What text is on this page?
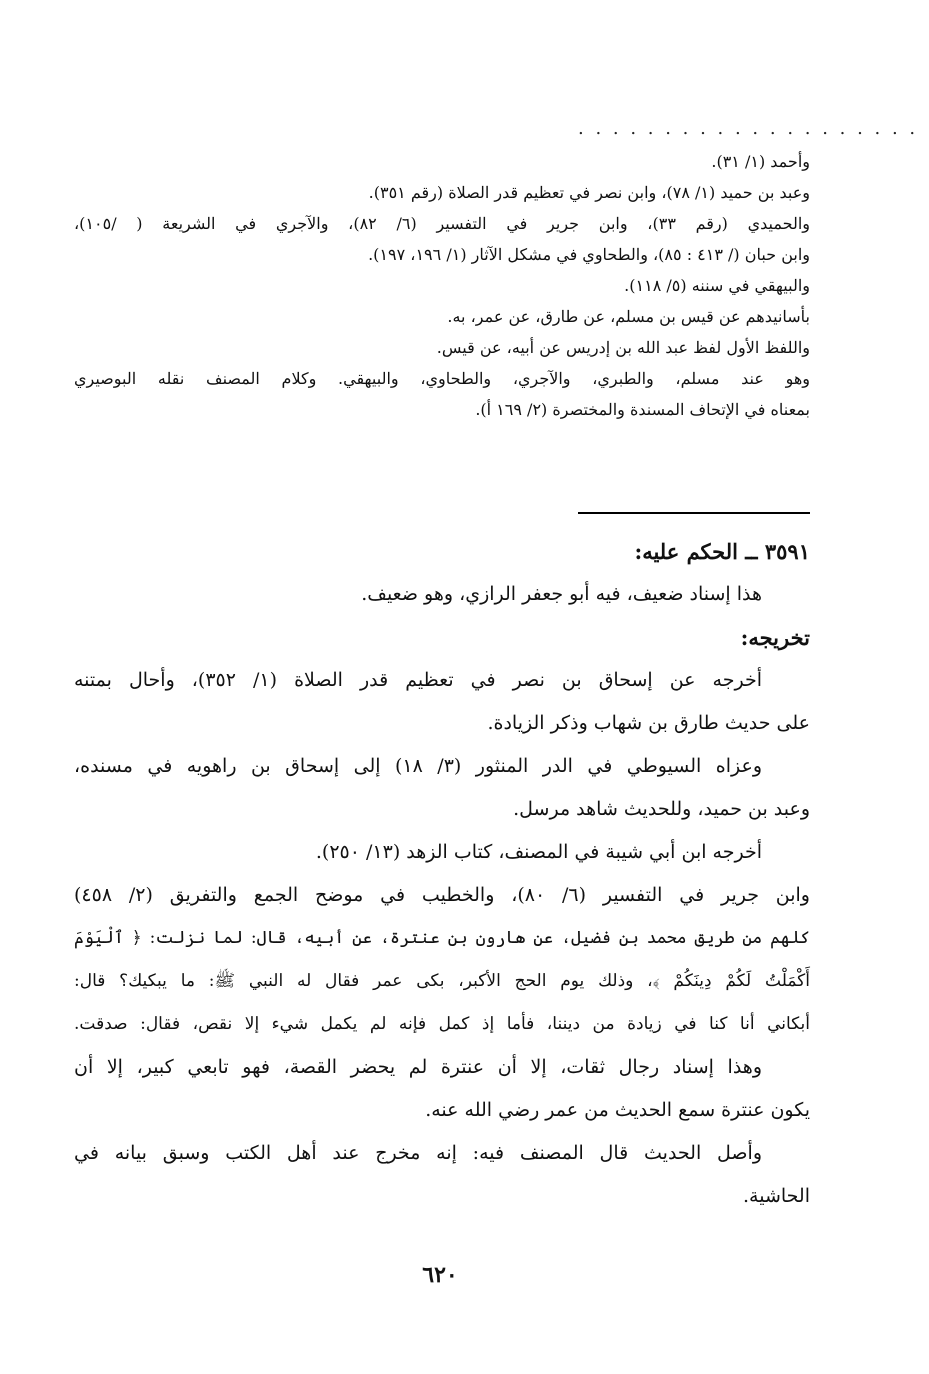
. . . . . . . . . . . . . . . . . . . .
وأحمد (١/ ٣١).
وعبد بن حميد (١/ ٧٨)، وابن نصر في تعظيم قدر الصلاة (رقم ٣٥١).
والحميدي (رقم ٣٣)، وابن جرير في التفسير (٦/ ٨٢)، والآجري في الشريعة ( /١٠٥)،
وابن حبان (/ ٤١٣ : ٨٥)، والطحاوي في مشكل الآثار (١/ ١٩٦، ١٩٧).
والبيهقي في سننه (٥/ ١١٨).
بأسانيدهم عن قيس بن مسلم، عن طارق، عن عمر، به.
واللفظ الأول لفظ عبد الله بن إدريس عن أبيه، عن قيس.
وهو عند مسلم، والطبري، والآجري، والطحاوي، والبيهقي. وكلام المصنف نقله البوصيري
بمعناه في الإتحاف المسندة والمختصرة (٢/ ١٦٩ أ).
٣٥٩١ ــ الحكم عليه:
هذا إسناد ضعيف، فيه أبو جعفر الرازي، وهو ضعيف.
تخريجه:
أخرجه عن إسحاق بن نصر في تعظيم قدر الصلاة (١/ ٣٥٢)، وأحال بمتنه
على حديث طارق بن شهاب وذكر الزيادة.
وعزاه السيوطي في الدر المنثور (٣/ ١٨) إلى إسحاق بن راهويه في مسنده،
وعبد بن حميد، وللحديث شاهد مرسل.
أخرجه ابن أبي شيبة في المصنف، كتاب الزهد (١٣/ ٢٥٠).
وابن جرير في التفسير (٦/ ٨٠)، والخطيب في موضح الجمع والتفريق (٢/ ٤٥٨)
كلهم من طريق محمد بن فضيل، عن هارون بن عنترة، عن أبيه، قال: لما نزلت: ﴿ ٱلْيَوْمَ
أَكْمَلْتُ لَكُمْ دِينَكُمْ ﴾، وذلك يوم الحج الأكبر، بكى عمر فقال له النبي ﷺ: ما يبكيك؟ قال:
أبكاني أنا كنا في زيادة من ديننا، فأما إذ كمل فإنه لم يكمل شيء إلا نقص، فقال: صدقت.
وهذا إسناد رجال ثقات، إلا أن عنترة لم يحضر القصة، فهو تابعي كبير، إلا أن
يكون عنترة سمع الحديث من عمر رضي الله عنه.
وأصل الحديث قال المصنف فيه: إنه مخرج عند أهل الكتب وسبق بيانه في
الحاشية.
٦٢٠
